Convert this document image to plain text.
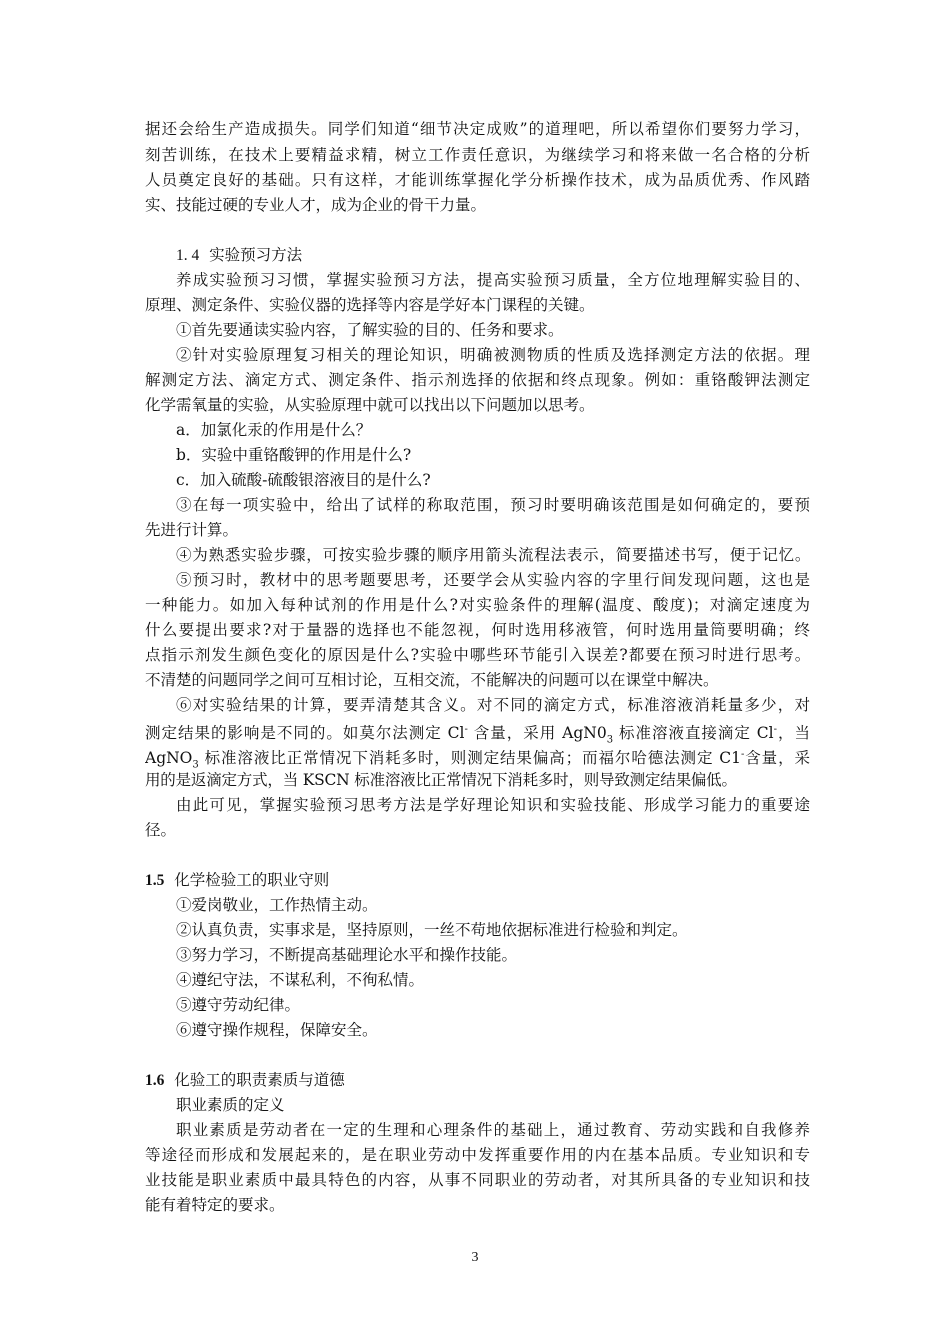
据还会给生产造成损失。同学们知道“细节决定成败”的道理吧，所以希望你们要努力学习，
刻苦训练，在技术上要精益求精，树立工作责任意识，为继续学习和将来做一名合格的分析
人员奠定良好的基础。只有这样，才能训练掌握化学分析操作技术，成为品质优秀、作风踏
实、技能过硬的专业人才，成为企业的骨干力量。
1. 4 实验预习方法
养成实验预习习惯，掌握实验预习方法，提高实验预习质量，全方位地理解实验目的、
原理、测定条件、实验仪器的选择等内容是学好本门课程的关键。
①首先要通读实验内容，了解实验的目的、任务和要求。
②针对实验原理复习相关的理论知识，明确被测物质的性质及选择测定方法的依据。理
解测定方法、滴定方式、测定条件、指示剂选择的依据和终点现象。例如：重铬酸钾法测定
化学需氧量的实验，从实验原理中就可以找出以下问题加以思考。
a．加氯化汞的作用是什么？
b．实验中重铬酸钾的作用是什么?
c．加入硫酸-硫酸银溶液目的是什么?
③在每一项实验中，给出了试样的称取范围，预习时要明确该范围是如何确定的，要预
先进行计算。
④为熟悉实验步骤，可按实验步骤的顺序用箭头流程法表示，简要描述书写，便于记忆。
⑤预习时，教材中的思考题要思考，还要学会从实验内容的字里行间发现问题，这也是
一种能力。如加入每种试剂的作用是什么?对实验条件的理解(温度、酸度)；对滴定速度为
什么要提出要求?对于量器的选择也不能忽视，何时选用移液管，何时选用量筒要明确；终
点指示剂发生颜色变化的原因是什么?实验中哪些环节能引入误差?都要在预习时进行思考。
不清楚的问题同学之间可互相讨论，互相交流，不能解决的问题可以在课堂中解决。
⑥对实验结果的计算，要弄清楚其含义。对不同的滴定方式，标准溶液消耗量多少，对
测定结果的影响是不同的。如莫尔法测定 Cl- 含量，采用 $AgN0_3$ 标准溶液直接滴定 Cl-，当
AgNO$_3$ 标准溶液比正常情况下消耗多时，则测定结果偏高；而福尔哈德法测定 C1-含量，采
用的是返滴定方式，当 KSCN 标准溶液比正常情况下消耗多时，则导致测定结果偏低。
由此可见，掌握实验预习思考方法是学好理论知识和实验技能、形成学习能力的重要途
径。
1.5 化学检验工的职业守则
①爱岗敬业，工作热情主动。
②认真负责，实事求是，坚持原则，一丝不苟地依据标准进行检验和判定。
③努力学习，不断提高基础理论水平和操作技能。
④遵纪守法，不谋私利，不徇私情。
⑤遵守劳动纪律。
⑥遵守操作规程，保障安全。
1.6 化验工的职责素质与道德
职业素质的定义
职业素质是劳动者在一定的生理和心理条件的基础上，通过教育、劳动实践和自我修养
等途径而形成和发展起来的，是在职业劳动中发挥重要作用的内在基本品质。专业知识和专
业技能是职业素质中最具特色的内容，从事不同职业的劳动者，对其所具备的专业知识和技
能有着特定的要求。
3
